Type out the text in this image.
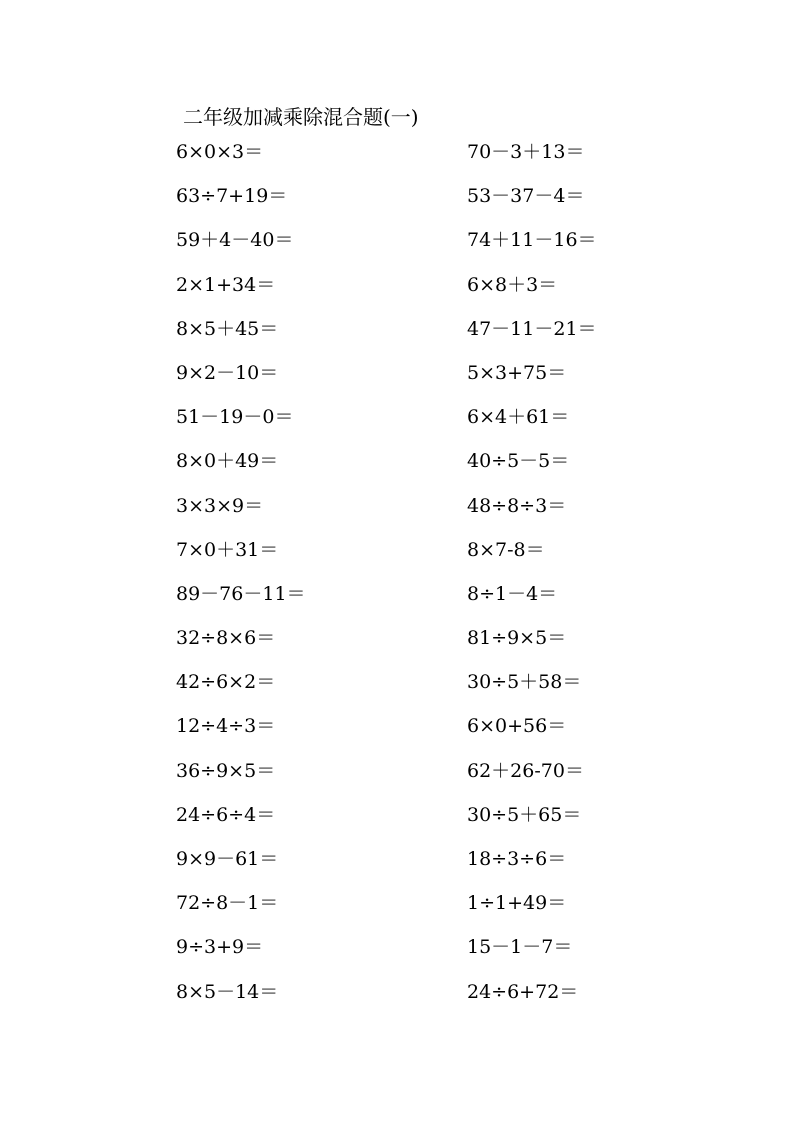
二年级加减乘除混合题(一)
6×0×3＝
63÷7+19＝
59＋4－40＝
2×1+34＝
8×5＋45＝
9×2－10＝
51－19－0＝
8×0＋49＝
3×3×9＝
7×0＋31＝
89－76－11＝
32÷8×6＝
42÷6×2＝
12÷4÷3＝
36÷9×5＝
24÷6÷4＝
9×9－61＝
72÷8－1＝
9÷3+9＝
8×5－14＝
70－3＋13＝
53－37－4＝
74＋11－16＝
6×8＋3＝
47－11－21＝
5×3+75＝
6×4＋61＝
40÷5－5＝
48÷8÷3＝
8×7-8＝
8÷1－4＝
81÷9×5＝
30÷5＋58＝
6×0+56＝
62＋26-70＝
30÷5＋65＝
18÷3÷6＝
1÷1+49＝
15－1－7＝
24÷6+72＝
